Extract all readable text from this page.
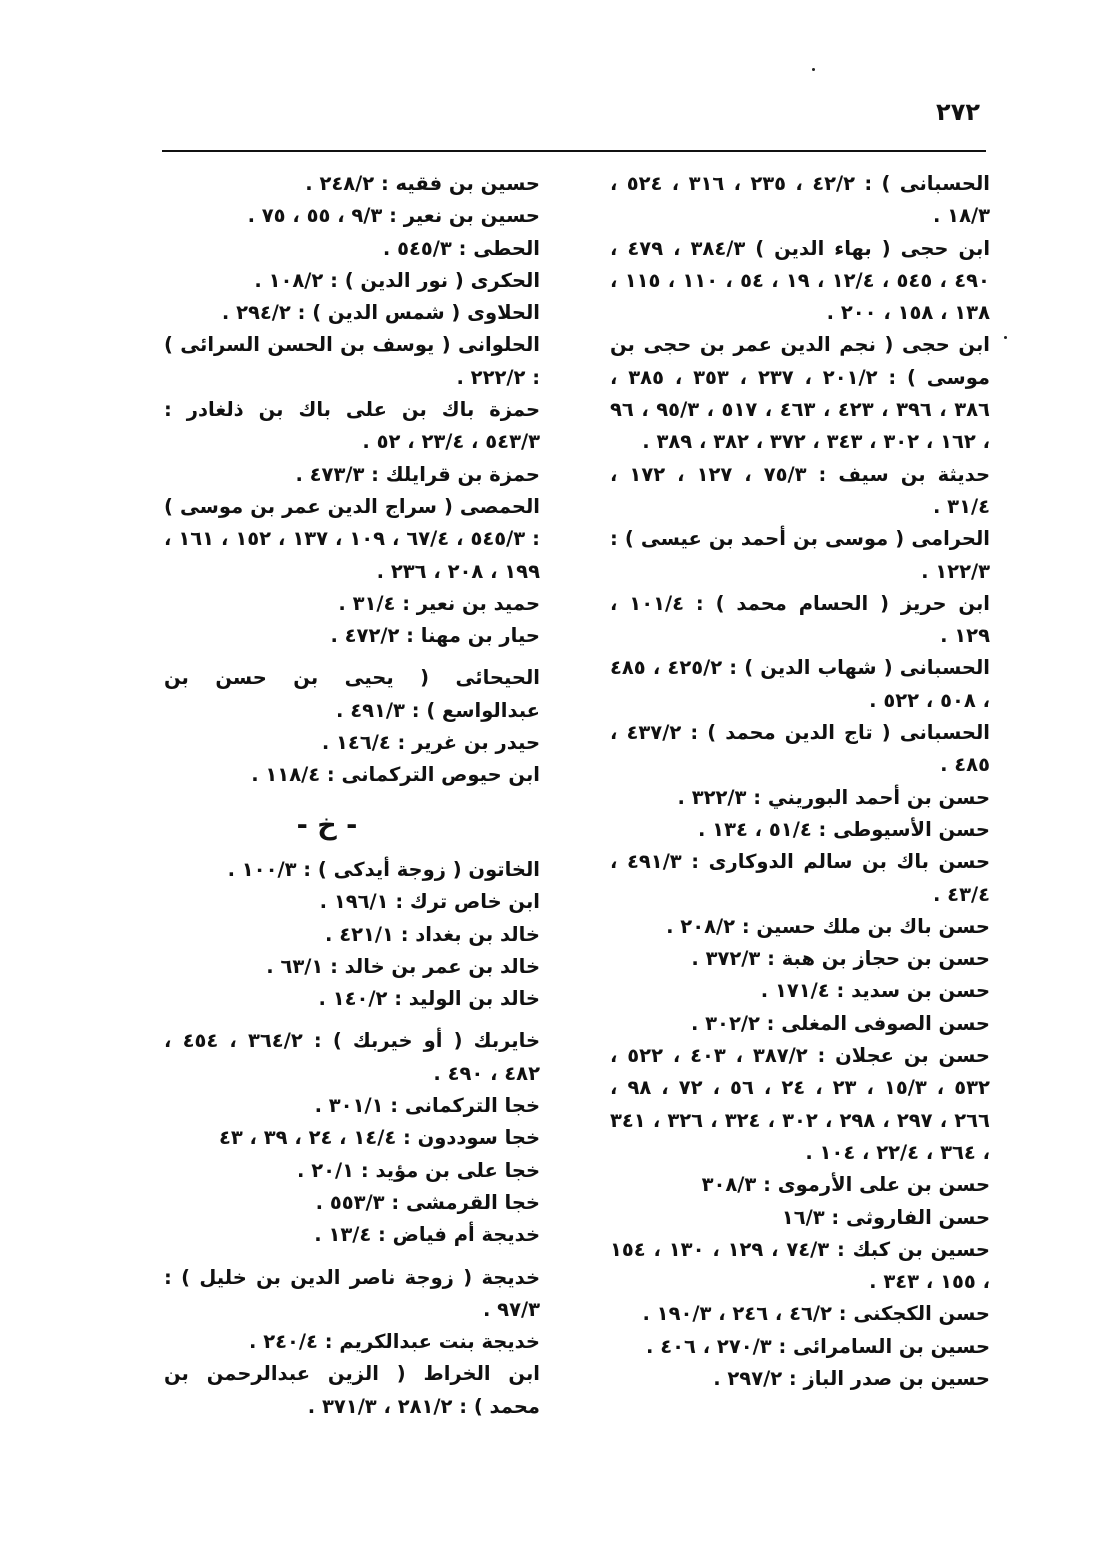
٢٧٢

الحسبانى ) : ٤٢/٢ ، ٢٣٥ ، ٣١٦ ، ٥٢٤ ، ١٨/٣ .

ابن حجى ( بهاء الدين ) ٣٨٤/٣ ، ٤٧٩ ، ٤٩٠ ، ٥٤٥ ، ١٢/٤ ، ١٩ ، ٥٤ ، ١١٠ ، ١١٥ ، ١٣٨ ، ١٥٨ ، ٢٠٠ .

ابن حجى ( نجم الدين عمر بن حجى بن موسى ) : ٢٠١/٢ ، ٢٣٧ ، ٣٥٣ ، ٣٨٥ ، ٣٨٦ ، ٣٩٦ ، ٤٢٣ ، ٤٦٣ ، ٥١٧ ، ٩٥/٣ ، ٩٦ ، ١٦٢ ، ٣٠٢ ، ٣٤٣ ، ٣٧٢ ، ٣٨٢ ، ٣٨٩ .

حديثة بن سيف : ٧٥/٣ ، ١٢٧ ، ١٧٢ ، ٣١/٤ .

الحرامى ( موسى بن أحمد بن عيسى ) : ١٢٢/٣ .

ابن حريز ( الحسام محمد ) : ١٠١/٤ ، ١٢٩ .

الحسبانى ( شهاب الدين ) : ٤٢٥/٢ ، ٤٨٥ ، ٥٠٨ ، ٥٢٢ .

الحسبانى ( تاج الدين محمد ) : ٤٣٧/٢ ، ٤٨٥ .

حسن بن أحمد البوريني : ٣٢٢/٣ .

حسن الأسيوطى : ٥١/٤ ، ١٣٤ .

حسن باك بن سالم الدوكارى : ٤٩١/٣ ، ٤٣/٤ .

حسن باك بن ملك حسين : ٢٠٨/٢ .

حسن بن حجاز بن هبة : ٣٧٢/٣ .

حسن بن سديد : ١٧١/٤ .

حسن الصوفى المغلى : ٣٠٢/٢ .

حسن بن عجلان : ٣٨٧/٢ ، ٤٠٣ ، ٥٢٢ ، ٥٣٢ ، ١٥/٣ ، ٢٣ ، ٢٤ ، ٥٦ ، ٧٢ ، ٩٨ ، ٢٦٦ ، ٢٩٧ ، ٢٩٨ ، ٣٠٢ ، ٣٢٤ ، ٣٢٦ ، ٣٤١ ، ٣٦٤ ، ٢٢/٤ ، ١٠٤ .

حسن بن على الأرموى : ٣٠٨/٣

حسن الفاروثى : ١٦/٣

حسين بن كبك : ٧٤/٣ ، ١٢٩ ، ١٣٠ ، ١٥٤ ، ١٥٥ ، ٣٤٣ .

حسن الكجكنى : ٤٦/٢ ، ٢٤٦ ، ١٩٠/٣ .

حسين بن السامرائى : ٢٧٠/٣ ، ٤٠٦ .

حسين بن صدر الباز : ٢٩٧/٢ .

حسين بن فقيه : ٢٤٨/٢ .

حسين بن نعير : ٩/٣ ، ٥٥ ، ٧٥ .

الحطى : ٥٤٥/٣ .

الحكرى ( نور الدين ) : ١٠٨/٢ .

الحلاوى ( شمس الدين ) : ٢٩٤/٢ .

الحلوانى ( يوسف بن الحسن السرائى ) : ٢٢٢/٢ .

حمزة باك بن على باك بن ذلغادر : ٥٤٣/٣ ، ٢٣/٤ ، ٥٢ .

حمزة بن قرايلك : ٤٧٣/٣ .

الحمصى ( سراج الدين عمر بن موسى ) : ٥٤٥/٣ ، ٦٧/٤ ، ١٠٩ ، ١٣٧ ، ١٥٢ ، ١٦١ ، ١٩٩ ، ٢٠٨ ، ٢٣٦ .

حميد بن نعير : ٣١/٤ .

حيار بن مهنا : ٤٧٢/٢ .

الحيحائى ( يحيى بن حسن بن عبدالواسع ) : ٤٩١/٣ .

حيدر بن غرير : ١٤٦/٤ .

ابن حيوص التركمانى : ١١٨/٤ .

- خ -

الخاتون ( زوجة أيدكى ) : ١٠٠/٣ .

ابن خاص ترك : ١٩٦/١ .

خالد بن بغداد : ٤٢١/١ .

خالد بن عمر بن خالد : ٦٣/١ .

خالد بن الوليد : ١٤٠/٢ .

خايربك ( أو خيربك ) : ٣٦٤/٢ ، ٤٥٤ ، ٤٨٢ ، ٤٩٠ .

خجا التركمانى : ٣٠١/١ .

خجا سوددون : ١٤/٤ ، ٢٤ ، ٣٩ ، ٤٣

خجا على بن مؤيد : ٢٠/١ .

خجا القرمشى : ٥٥٣/٣ .

خديجة أم فياض : ١٣/٤ .

خديجة ( زوجة ناصر الدين بن خليل ) : ٩٧/٣ .

خديجة بنت عبدالكريم : ٢٤٠/٤ .

ابن الخراط ( الزين عبدالرحمن بن محمد ) : ٢٨١/٢ ، ٣٧١/٣ .
